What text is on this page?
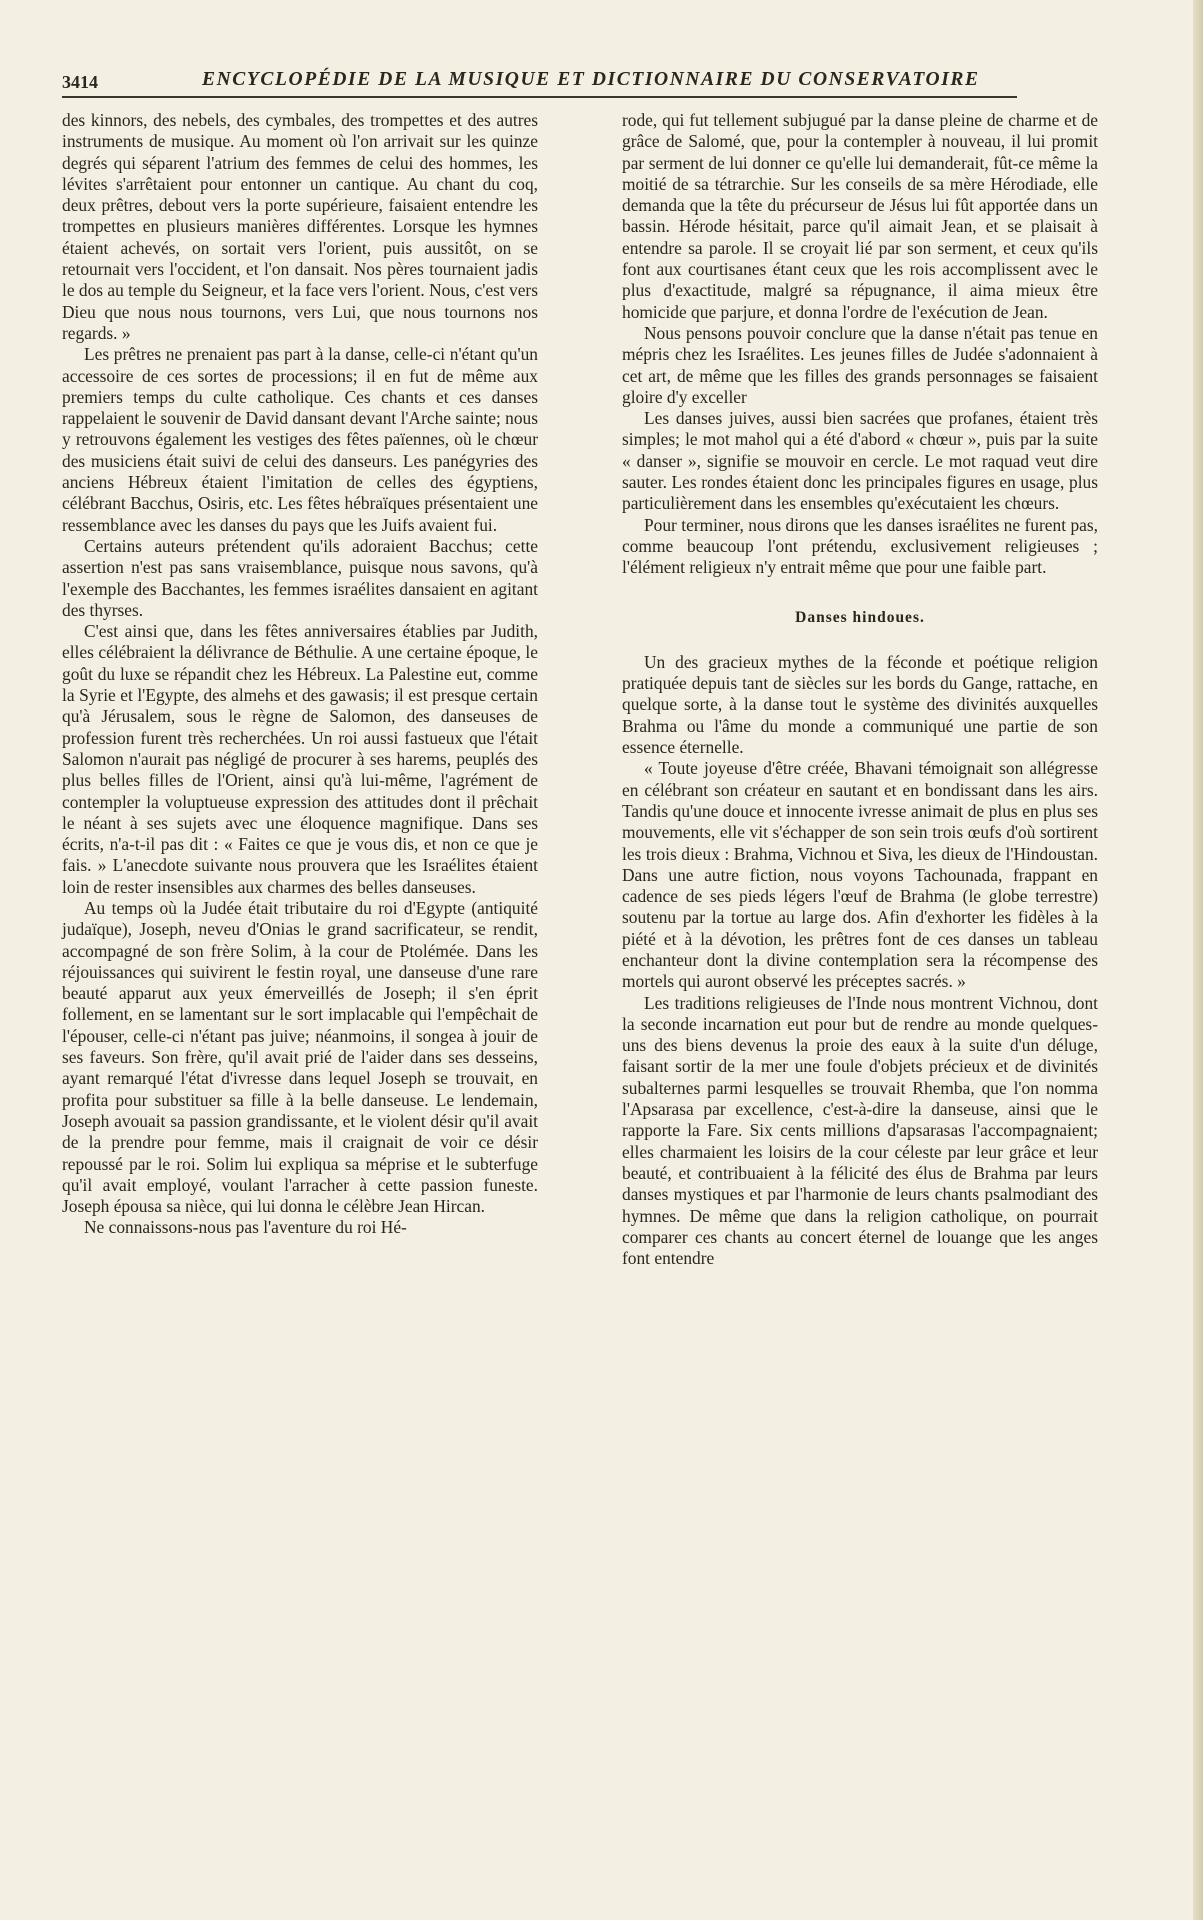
3414	ENCYCLOPÉDIE DE LA MUSIQUE ET DICTIONNAIRE DU CONSERVATOIRE

des kinnors, des nebels, des cymbales, des trompettes et des autres instruments de musique. Au moment où l'on arrivait sur les quinze degrés qui séparent l'atrium des femmes de celui des hommes, les lévites s'arrêtaient pour entonner un cantique. Au chant du coq, deux prêtres, debout vers la porte supérieure, faisaient entendre les trompettes en plusieurs manières différentes. Lorsque les hymnes étaient achevés, on sortait vers l'orient, puis aussitôt, on se retournait vers l'occident, et l'on dansait. Nos pères tournaient jadis le dos au temple du Seigneur, et la face vers l'orient. Nous, c'est vers Dieu que nous nous tournons, vers Lui, que nous tournons nos regards. »

Les prêtres ne prenaient pas part à la danse, celle-ci n'étant qu'un accessoire de ces sortes de processions; il en fut de même aux premiers temps du culte catholique. Ces chants et ces danses rappelaient le souvenir de David dansant devant l'Arche sainte; nous y retrouvons également les vestiges des fêtes païennes, où le chœur des musiciens était suivi de celui des danseurs. Les panégyries des anciens Hébreux étaient l'imitation de celles des égyptiens, célébrant Bacchus, Osiris, etc. Les fêtes hébraïques présentaient une ressemblance avec les danses du pays que les Juifs avaient fui.

Certains auteurs prétendent qu'ils adoraient Bacchus; cette assertion n'est pas sans vraisemblance, puisque nous savons, qu'à l'exemple des Bacchantes, les femmes israélites dansaient en agitant des thyrses.

C'est ainsi que, dans les fêtes anniversaires établies par Judith, elles célébraient la délivrance de Béthulie. A une certaine époque, le goût du luxe se répandit chez les Hébreux. La Palestine eut, comme la Syrie et l'Egypte, des almehs et des gawasis; il est presque certain qu'à Jérusalem, sous le règne de Salomon, des danseuses de profession furent très recherchées. Un roi aussi fastueux que l'était Salomon n'aurait pas négligé de procurer à ses harems, peuplés des plus belles filles de l'Orient, ainsi qu'à lui-même, l'agrément de contempler la voluptueuse expression des attitudes dont il prêchait le néant à ses sujets avec une éloquence magnifique. Dans ses écrits, n'a-t-il pas dit : « Faites ce que je vous dis, et non ce que je fais. » L'anecdote suivante nous prouvera que les Israélites étaient loin de rester insensibles aux charmes des belles danseuses.

Au temps où la Judée était tributaire du roi d'Egypte (antiquité judaïque), Joseph, neveu d'Onias le grand sacrificateur, se rendit, accompagné de son frère Solim, à la cour de Ptolémée. Dans les réjouissances qui suivirent le festin royal, une danseuse d'une rare beauté apparut aux yeux émerveillés de Joseph; il s'en éprit follement, en se lamentant sur le sort implacable qui l'empêchait de l'épouser, celle-ci n'étant pas juive; néanmoins, il songea à jouir de ses faveurs. Son frère, qu'il avait prié de l'aider dans ses desseins, ayant remarqué l'état d'ivresse dans lequel Joseph se trouvait, en profita pour substituer sa fille à la belle danseuse. Le lendemain, Joseph avouait sa passion grandissante, et le violent désir qu'il avait de la prendre pour femme, mais il craignait de voir ce désir repoussé par le roi. Solim lui expliqua sa méprise et le subterfuge qu'il avait employé, voulant l'arracher à cette passion funeste. Joseph épousa sa nièce, qui lui donna le célèbre Jean Hircan.

Ne connaissons-nous pas l'aventure du roi Hé-

rode, qui fut tellement subjugué par la danse pleine de charme et de grâce de Salomé, que, pour la contempler à nouveau, il lui promit par serment de lui donner ce qu'elle lui demanderait, fût-ce même la moitié de sa tétrarchie. Sur les conseils de sa mère Hérodiade, elle demanda que la tête du précurseur de Jésus lui fût apportée dans un bassin. Hérode hésitait, parce qu'il aimait Jean, et se plaisait à entendre sa parole. Il se croyait lié par son serment, et ceux qu'ils font aux courtisanes étant ceux que les rois accomplissent avec le plus d'exactitude, malgré sa répugnance, il aima mieux être homicide que parjure, et donna l'ordre de l'exécution de Jean.

Nous pensons pouvoir conclure que la danse n'était pas tenue en mépris chez les Israélites. Les jeunes filles de Judée s'adonnaient à cet art, de même que les filles des grands personnages se faisaient gloire d'y exceller

Les danses juives, aussi bien sacrées que profanes, étaient très simples; le mot mahol qui a été d'abord « chœur », puis par la suite « danser », signifie se mouvoir en cercle. Le mot raquad veut dire sauter. Les rondes étaient donc les principales figures en usage, plus particulièrement dans les ensembles qu'exécutaient les chœurs.

Pour terminer, nous dirons que les danses israélites ne furent pas, comme beaucoup l'ont prétendu, exclusivement religieuses ; l'élément religieux n'y entrait même que pour une faible part.

Danses hindoues.

Un des gracieux mythes de la féconde et poétique religion pratiquée depuis tant de siècles sur les bords du Gange, rattache, en quelque sorte, à la danse tout le système des divinités auxquelles Brahma ou l'âme du monde a communiqué une partie de son essence éternelle.

« Toute joyeuse d'être créée, Bhavani témoignait son allégresse en célébrant son créateur en sautant et en bondissant dans les airs. Tandis qu'une douce et innocente ivresse animait de plus en plus ses mouvements, elle vit s'échapper de son sein trois œufs d'où sortirent les trois dieux : Brahma, Vichnou et Siva, les dieux de l'Hindoustan. Dans une autre fiction, nous voyons Tachounada, frappant en cadence de ses pieds légers l'œuf de Brahma (le globe terrestre) soutenu par la tortue au large dos. Afin d'exhorter les fidèles à la piété et à la dévotion, les prêtres font de ces danses un tableau enchanteur dont la divine contemplation sera la récompense des mortels qui auront observé les préceptes sacrés. »

Les traditions religieuses de l'Inde nous montrent Vichnou, dont la seconde incarnation eut pour but de rendre au monde quelques-uns des biens devenus la proie des eaux à la suite d'un déluge, faisant sortir de la mer une foule d'objets précieux et de divinités subalternes parmi lesquelles se trouvait Rhemba, que l'on nomma l'Apsarasa par excellence, c'est-à-dire la danseuse, ainsi que le rapporte la Fare. Six cents millions d'apsarasas l'accompagnaient; elles charmaient les loisirs de la cour céleste par leur grâce et leur beauté, et contribuaient à la félicité des élus de Brahma par leurs danses mystiques et par l'harmonie de leurs chants psalmodiant des hymnes. De même que dans la religion catholique, on pourrait comparer ces chants au concert éternel de louange que les anges font entendre
